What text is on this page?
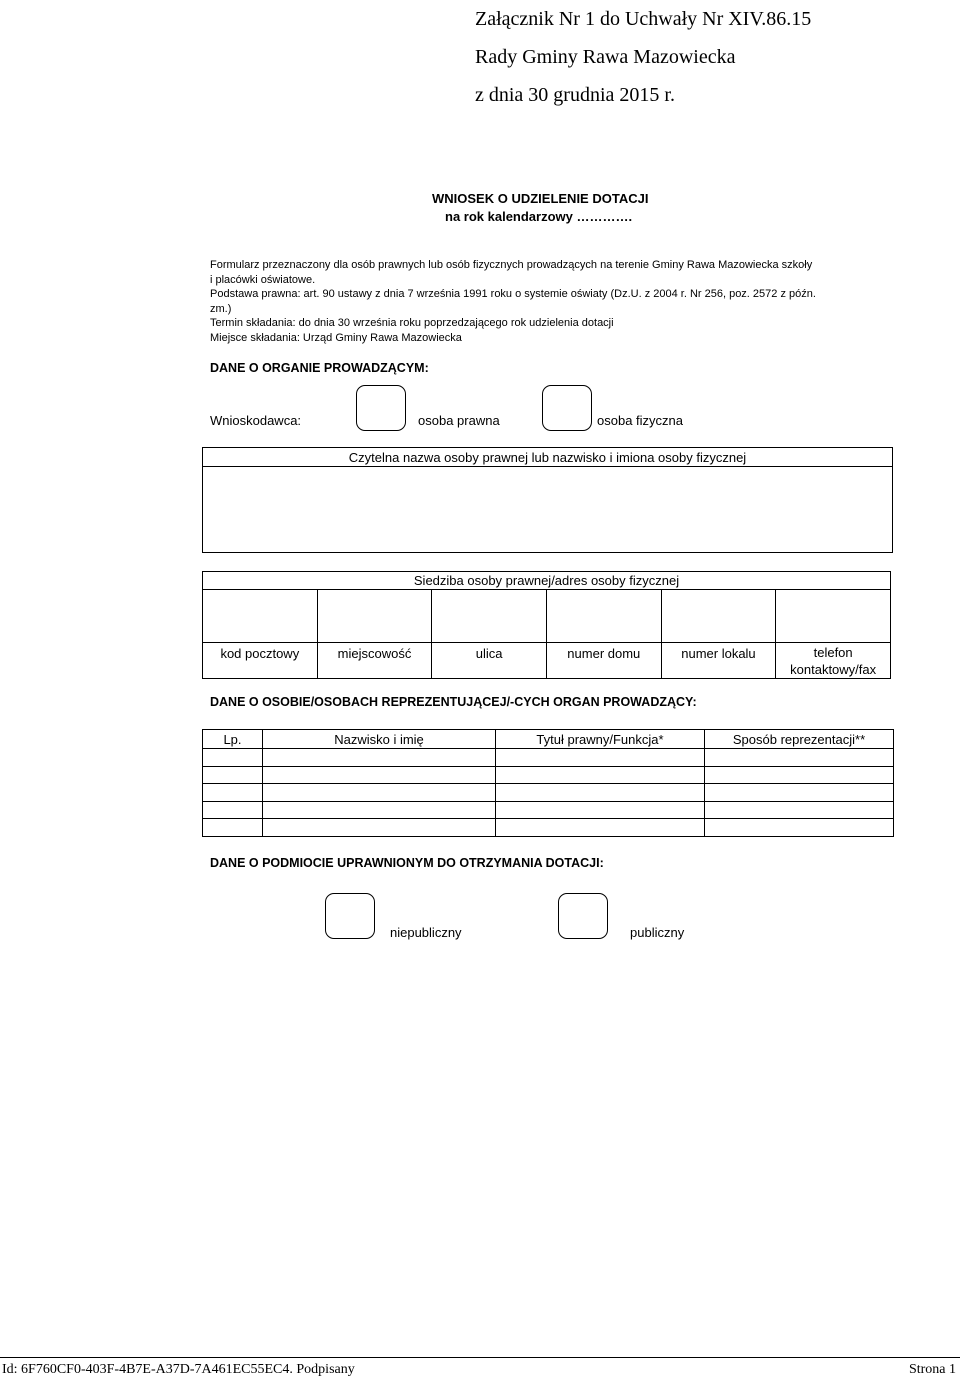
Załącznik Nr 1 do Uchwały Nr XIV.86.15
Rady Gminy Rawa Mazowiecka
z dnia 30 grudnia 2015 r.
WNIOSEK O UDZIELENIE DOTACJI
na rok kalendarzowy ………….
Formularz przeznaczony dla osób prawnych lub osób fizycznych prowadzących na terenie Gminy Rawa Mazowiecka szkoły
i placówki oświatowe.
Podstawa prawna: art. 90 ustawy z dnia 7 września 1991 roku o systemie oświaty (Dz.U. z 2004 r. Nr 256, poz. 2572 z późn.
zm.)
Termin składania: do dnia 30 września roku poprzedzającego rok udzielenia dotacji
Miejsce składania: Urząd Gminy Rawa Mazowiecka
DANE O ORGANIE PROWADZĄCYM:
Wnioskodawca:	osoba prawna	osoba fizyczna
Czytelna nazwa osoby prawnej lub nazwisko i imiona osoby fizycznej

Siedziba osoby prawnej/adres osoby fizycznej					

kod pocztowy	miejscowość	ulica	numer domu	numer lokalu	telefon kontaktowy/fax
DANE O OSOBIE/OSOBACH REPREZENTUJĄCEJ/-CYCH ORGAN PROWADZĄCY:
Lp.	Nazwisko i imię	Tytuł prawny/Funkcja*	Sposób reprezentacji**

DANE O PODMIOCIE UPRAWNIONYM DO OTRZYMANIA DOTACJI:
niepubliczny	publiczny
Id: 6F760CF0-403F-4B7E-A37D-7A461EC55EC4. Podpisany	Strona 1
